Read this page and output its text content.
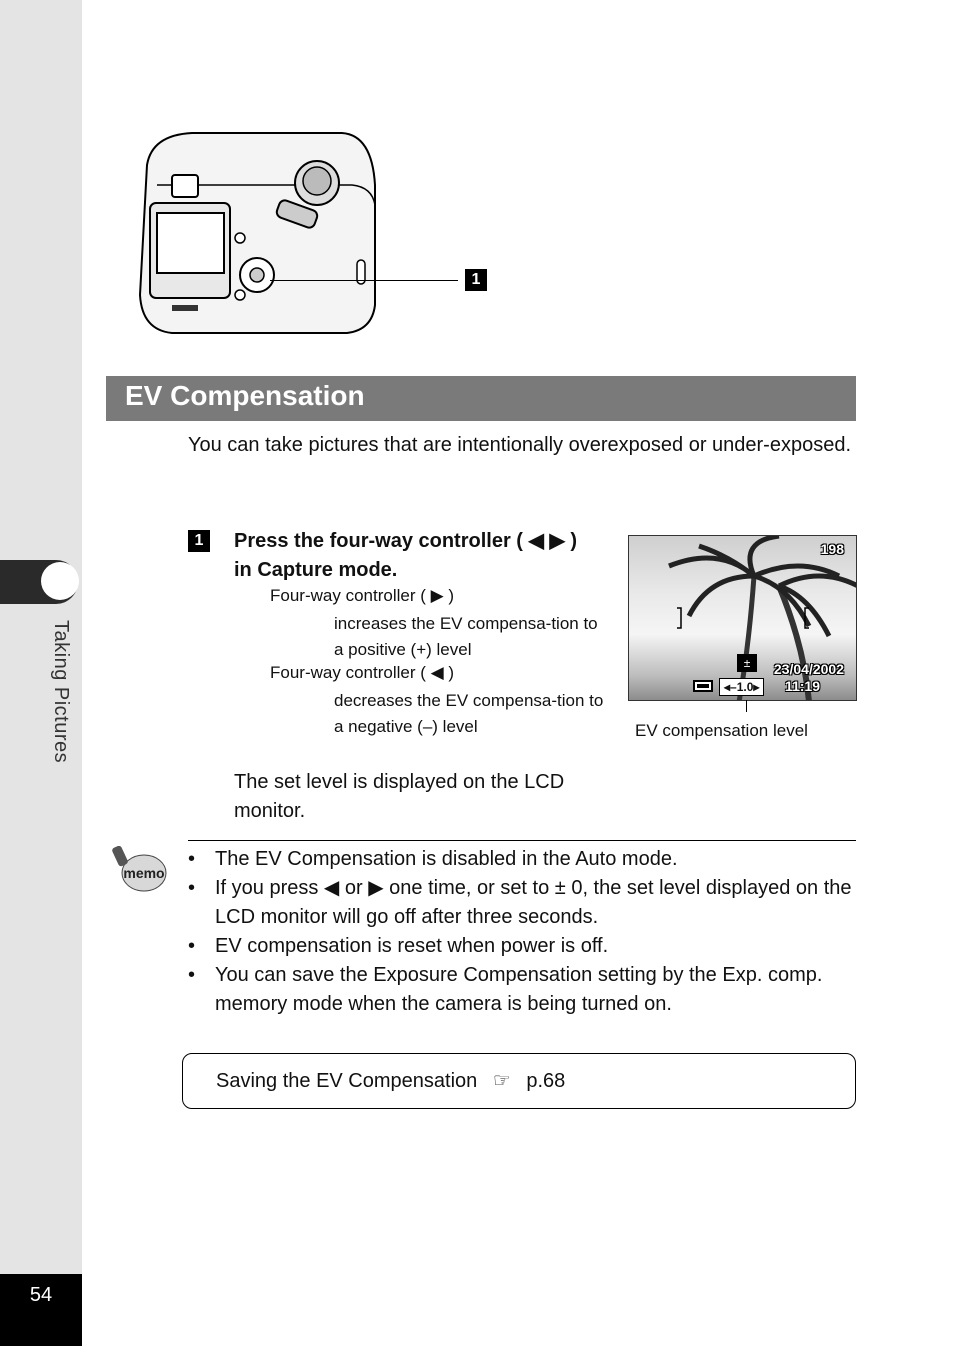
Taking Pictures
54
1
EV Compensation
You can take pictures that are intentionally overexposed or under-exposed.
1	Press the four-way controller ( ◀ ▶ ) in Capture mode.
Four-way controller ( ▶ )
increases the EV compensa-tion to a positive (+) level
Four-way controller ( ◀ )
decreases the EV compensa-tion to a negative (–) level
The set level is displayed on the LCD monitor.
198
±	23/04/2002
◂–1.0▸	11:19
EV compensation level
memo
• The EV Compensation is disabled in the Auto mode.
• If you press ◀ or ▶ one time, or set to ± 0, the set level displayed on the LCD monitor will go off after three seconds.
• EV compensation is reset when power is off.
• You can save the Exposure Compensation setting by the Exp. comp. memory mode when the camera is being turned on.
Saving the EV Compensation ☞ p.68
